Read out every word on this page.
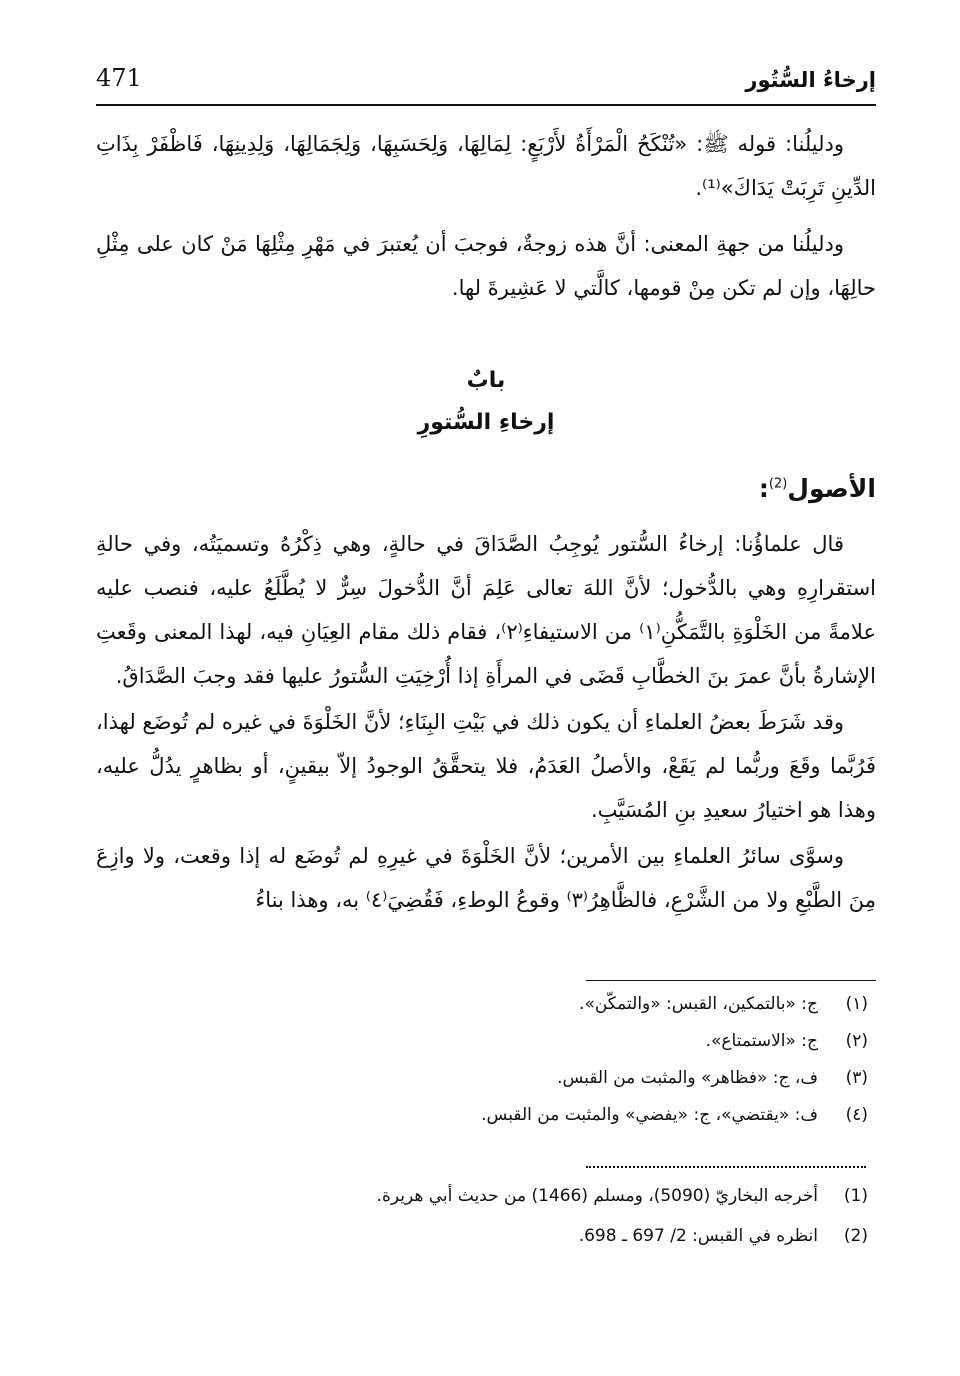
471	إرخاءُ السُّتُور

ودليلُنا: قوله ﷺ: «تُنْكَحُ الْمَرْأَةُ لأَرْبَعٍ: لِمَالِهَا، وَلِحَسَبِهَا، وَلِجَمَالِهَا، وَلِدِينِهَا، فَاظْفَرْ بِذَاتِ الدِّينِ تَرِبَتْ يَدَاكَ»⁽¹⁾.

ودليلُنا من جهةِ المعنى: أنَّ هذه زوجةٌ، فوجبَ أن يُعتبرَ في مَهْرِ مِثْلِهَا مَنْ كان على مِثْلِ حالِهَا، وإن لم تكن مِنْ قومها، كالَّتي لا عَشِيرةَ لها.

بابٌ
إرخاءِ السُّتورِ
الأصول$^{(2)}$:

قال علماؤُنا: إرخاءُ السُّتور يُوجِبُ الصَّدَاقَ في حالةٍ، وهي ذِكْرُهُ وتسميَتُه، وفي حالةِ استقرارِهِ وهي بالدُّخول؛ لأنَّ اللهَ تعالى عَلِمَ أنَّ الدُّخولَ سِرٌّ لا يُطَّلَعُ عليه، فنصب عليه علامةً من الخَلْوَةِ بالتَّمَكُّنِ⁽١⁾ من الاستيفاءِ⁽٢⁾، فقام ذلك مقام العِيَانِ فيه، لهذا المعنى وقَعتِ الإشارةُ بأنَّ عمرَ بنَ الخطَّابِ قَضَى في المرأَةِ إذا أُرْخِيَتِ السُّتورُ عليها فقد وجبَ الصَّدَاقُ.

وقد شَرَطَ بعضُ العلماءِ أن يكون ذلك في بَيْتِ البِنَاءِ؛ لأنَّ الخَلْوَةَ في غيره لم تُوضَع لهذا، فَرُبَّما وقَعَ وربُّما لم يَقَعْ، والأصلُ العَدَمُ، فلا يتحقَّقُ الوجودُ إلاّ بيقينٍ، أو بظاهرٍ يدُلُّ عليه، وهذا هو اختيارُ سعيدِ بنِ المُسَيَّبِ.

وسوَّى سائرُ العلماءِ بين الأمرين؛ لأنَّ الخَلْوَةَ في غيرِهِ لم تُوضَع له إذا وقعت، ولا وازِعَ مِنَ الطَّبْعِ ولا من الشَّرْعِ، فالظَّاهِرُ⁽٣⁾ وقوعُ الوطءِ، فَقُضِيَ⁽٤⁾ به، وهذا بناءُ

(١)ج: «بالتمكين، القبس: «والتمكّن».
(٢)ج: «الاستمتاع».
(٣)ف، ج: «فظاهر» والمثبت من القبس.
(٤)ف: «يقتضي»، ج: «يفضي» والمثبت من القبس.
(1)أخرجه البخاريّ (5090)، ومسلم (1466) من حديث أبي هريرة.
(2)انظره في القبس: 2/ 697 ـ 698.
